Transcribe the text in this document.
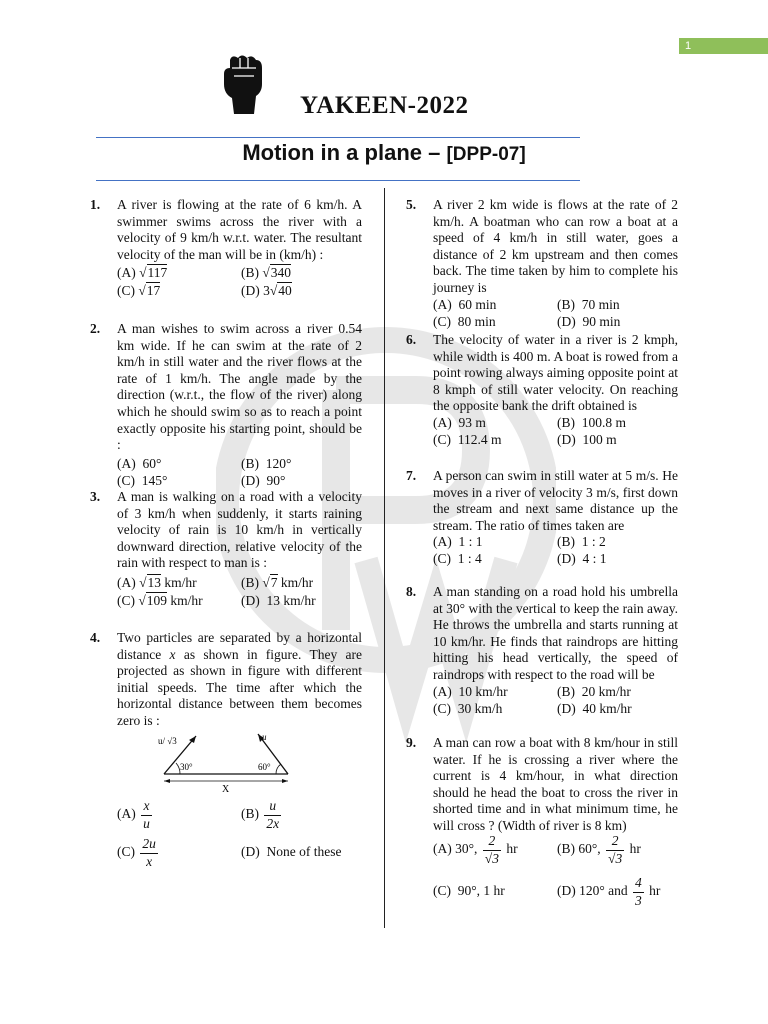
1
YAKEEN-2022
Motion in a plane – [DPP-07]
1. A river is flowing at the rate of 6 km/h. A swimmer swims across the river with a velocity of 9 km/h w.r.t. water. The resultant velocity of the man will be in (km/h) :
(A) √117	(B) √340
(C) √17	(D) 3√40
2. A man wishes to swim across a river 0.54 km wide. If he can swim at the rate of 2 km/h in still water and the river flows at the rate of 1 km/h. The angle made by the direction (w.r.t., the flow of the river) along which he should swim so as to reach a point exactly opposite his starting point, should be :
(A) 60°	(B) 120°
(C) 145°	(D) 90°
3. A man is walking on a road with a velocity of 3 km/h when suddenly, it starts raining velocity of rain is 10 km/h in vertically downward direction, relative velocity of the rain with respect to man is :
(A) √13 km/hr	(B) √7 km/hr
(C) √109 km/hr	(D) 13 km/hr
4. Two particles are separated by a horizontal distance x as shown in figure. They are projected as shown in figure with different initial speeds. The time after which the horizontal distance between them becomes zero is :
u/ √3	u
30°	60°
X
$(A) \frac{x}{u}$	$(B) \frac{u}{2x}$
$(C) \frac{2u}{x}$	(D) None of these
5. A river 2 km wide is flows at the rate of 2 km/h. A boatman who can row a boat at a speed of 4 km/h in still water, goes a distance of 2 km upstream and then comes back. The time taken by him to complete his journey is
(A) 60 min	(B) 70 min
(C) 80 min	(D) 90 min
6. The velocity of water in a river is 2 kmph, while width is 400 m. A boat is rowed from a point rowing always aiming opposite point at 8 kmph of still water velocity. On reaching the opposite bank the drift obtained is
(A) 93 m	(B) 100.8 m
(C) 112.4 m	(D) 100 m
7. A person can swim in still water at 5 m/s. He moves in a river of velocity 3 m/s, first down the stream and next same distance up the stream. The ratio of times taken are
(A) 1 : 1	(B) 1 : 2
(C) 1 : 4	(D) 4 : 1
8. A man standing on a road hold his umbrella at 30° with the vertical to keep the rain away. He throws the umbrella and starts running at 10 km/hr. He finds that raindrops are hitting hitting his head vertically, the speed of raindrops with respect to the road will be
(A) 10 km/hr	(B) 20 km/hr
(C) 30 km/h	(D) 40 km/hr
9. A man can row a boat with 8 km/hour in still water. If he is crossing a river where the current is 4 km/hour, in what direction should he head the boat to cross the river in shorted time and in what minimum time, he will cross ? (Width of river is 8 km)
(A) 30°, $\frac{2}{√3}$ hr	(B) 60°, $\frac{2}{√3}$ hr
(C) 90°, 1 hr	(D) 120° and $\frac{4}{3}$ hr
